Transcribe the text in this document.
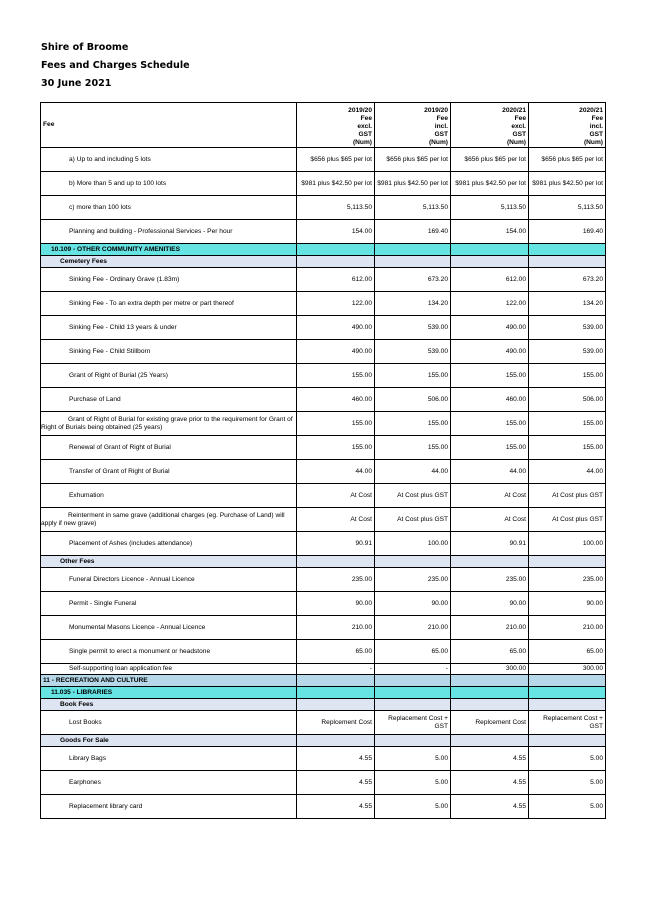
Shire of Broome
Fees and Charges Schedule
30 June 2021
Fee	2019/20
Fee
excl.
GST
(Num)	2019/20
Fee
incl.
GST
(Num)	2020/21
Fee
excl.
GST
(Num)	2020/21
Fee
incl.
GST
(Num)
a) Up to and including 5 lots	$656 plus $65 per lot	$656 plus $65 per lot	$656 plus $65 per lot	$656 plus $65 per lot
b) More than 5 and up to 100 lots	$981 plus $42.50 per lot	$981 plus $42.50 per lot	$981 plus $42.50 per lot	$981 plus $42.50 per lot
c) more than 100 lots	5,113.50	5,113.50	5,113.50	5,113.50
Planning and building - Professional Services - Per hour	154.00	169.40	154.00	169.40
10.109 - OTHER COMMUNITY AMENITIES				
Cemetery Fees				
Sinking Fee - Ordinary Grave (1.83m)	612.00	673.20	612.00	673.20
Sinking Fee - To an extra depth per metre or part thereof	122.00	134.20	122.00	134.20
Sinking Fee - Child 13 years & under	490.00	539.00	490.00	539.00
Sinking Fee - Child Stillborn	490.00	539.00	490.00	539.00
Grant of Right of Burial (25 Years)	155.00	155.00	155.00	155.00
Purchase of Land	460.00	506.00	460.00	506.00
Grant of Right of Burial for existing grave prior to the requirement for Grant of Right of Burials being obtained (25 years)	155.00	155.00	155.00	155.00
Renewal of Grant of Right of Burial	155.00	155.00	155.00	155.00
Transfer of Grant of Right of Burial	44.00	44.00	44.00	44.00
Exhumation	At Cost	At Cost plus GST	At Cost	At Cost plus GST
Reinterment in same grave (additional charges (eg. Purchase of Land) will apply if new grave)	At Cost	At Cost plus GST	At Cost	At Cost plus GST
Placement of Ashes (includes attendance)	90.91	100.00	90.91	100.00
Other Fees				
Funeral Directors Licence - Annual Licence	235.00	235.00	235.00	235.00
Permit - Single Funeral	90.00	90.00	90.00	90.00
Monumental Masons Licence - Annual Licence	210.00	210.00	210.00	210.00
Single permit to erect a monument or headstone	65.00	65.00	65.00	65.00
Self-supporting loan application fee	-	-	300.00	300.00
11 - RECREATION AND CULTURE				
11.035 - LIBRARIES				
Book Fees				
Lost Books	Replcement Cost	Replacement Cost + GST	Replcement Cost	Replacement Cost + GST
Goods For Sale				
Library Bags	4.55	5.00	4.55	5.00
Earphones	4.55	5.00	4.55	5.00
Replacement library card	4.55	5.00	4.55	5.00
